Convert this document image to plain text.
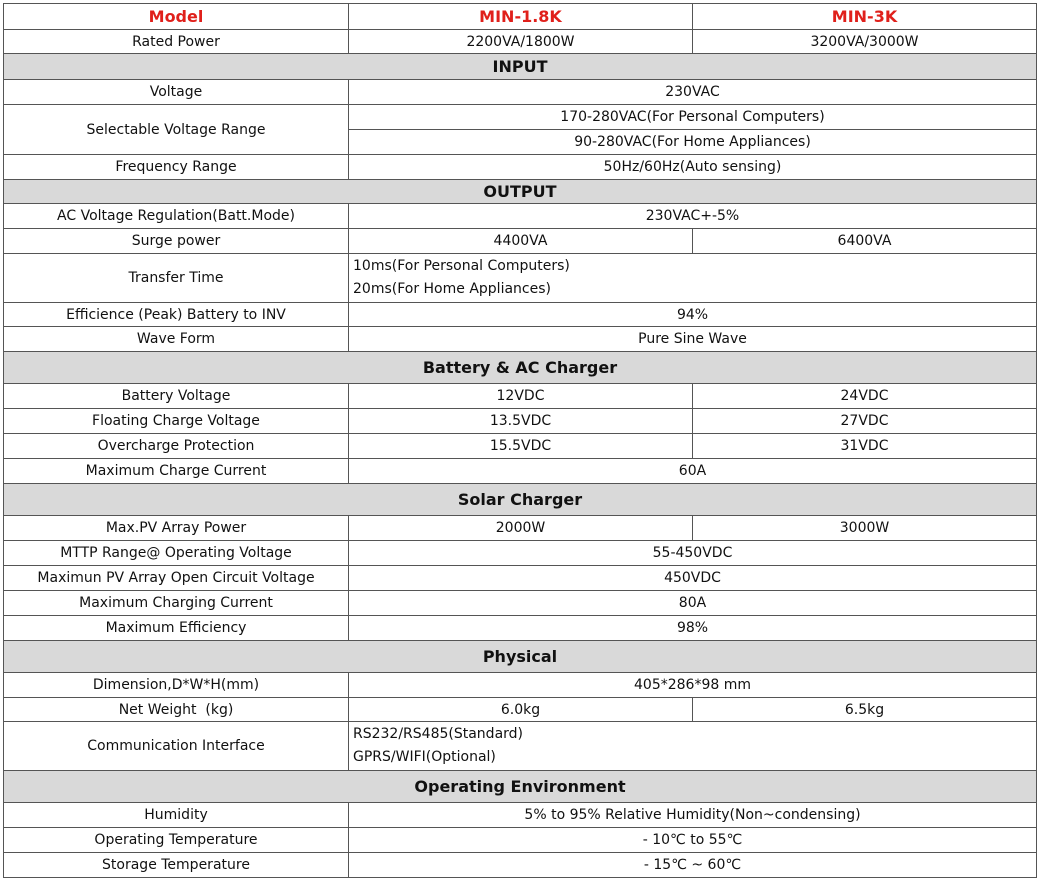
Model	MIN-1.8K	MIN-3K
Rated Power	2200VA/1800W	3200VA/3000W
INPUT		
Voltage	230VAC	
Selectable Voltage Range	170-280VAC(For Personal Computers)	
	90-280VAC(For Home Appliances)	
Frequency Range	50Hz/60Hz(Auto sensing)	
OUTPUT		
AC Voltage Regulation(Batt.Mode)	230VAC+-5%	
Surge power	4400VA	6400VA
Transfer Time	10ms(For Personal Computers)
20ms(For Home Appliances)	

Efficience (Peak) Battery to INV	94%	
Wave Form	Pure Sine Wave	
Battery & AC Charger		
Battery Voltage	12VDC	24VDC
Floating Charge Voltage	13.5VDC	27VDC
Overcharge Protection	15.5VDC	31VDC
Maximum Charge Current	60A	
Solar Charger		
Max.PV Array Power	2000W	3000W
MTTP Range@ Operating Voltage	55-450VDC	
Maximun PV Array Open Circuit Voltage	450VDC	
Maximum Charging Current	80A	
Maximum Efficiency	98%	
Physical		
Dimension,D*W*H(mm)	405*286*98 mm	
Net Weight  (kg)	6.0kg	6.5kg
Communication Interface	RS232/RS485(Standard)
GPRS/WIFI(Optional)	

Operating Environment		
Humidity	5% to 95% Relative Humidity(Non~condensing)	
Operating Temperature	- 10℃ to 55℃	
Storage Temperature	- 15℃ ~ 60℃	
